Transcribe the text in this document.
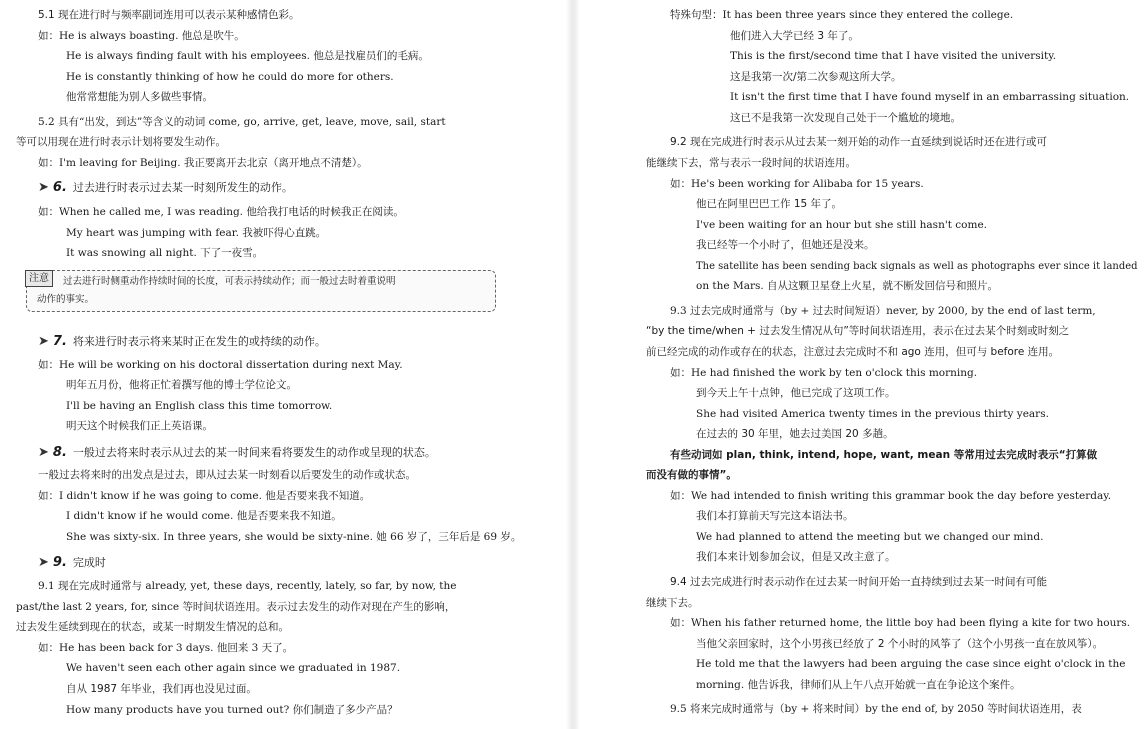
5.1 现在进行时与频率副词连用可以表示某种感情色彩。
如：He is always boasting. 他总是吹牛。
He is always finding fault with his employees. 他总是找雇员们的毛病。
He is constantly thinking of how he could do more for others.
他常常想能为别人多做些事情。
5.2 具有“出发，到达”等含义的动词 come, go, arrive, get, leave, move, sail, start
等可以用现在进行时表示计划将要发生动作。
如：I'm leaving for Beijing. 我正要离开去北京（离开地点不清楚）。
➤ 6. 过去进行时表示过去某一时刻所发生的动作。
如：When he called me, I was reading. 他给我打电话的时候我正在阅读。
My heart was jumping with fear. 我被吓得心直跳。
It was snowing all night. 下了一夜雪。
注意	过去进行时侧重动作持续时间的长度，可表示持续动作；而一般过去时着重说明
动作的事实。
➤ 7. 将来进行时表示将来某时正在发生的或持续的动作。
如：He will be working on his doctoral dissertation during next May.
明年五月份，他将正忙着撰写他的博士学位论文。
I'll be having an English class this time tomorrow.
明天这个时候我们正上英语课。
➤ 8. 一般过去将来时表示从过去的某一时间来看将要发生的动作或呈现的状态。
一般过去将来时的出发点是过去，即从过去某一时刻看以后要发生的动作或状态。
如：I didn't know if he was going to come. 他是否要来我不知道。
I didn't know if he would come. 他是否要来我不知道。
She was sixty-six. In three years, she would be sixty-nine. 她 66 岁了，三年后是 69 岁。
➤ 9. 完成时
9.1 现在完成时通常与 already, yet, these days, recently, lately, so far, by now, the
past/the last 2 years, for, since 等时间状语连用。表示过去发生的动作对现在产生的影响，
过去发生延续到现在的状态，或某一时期发生情况的总和。
如：He has been back for 3 days. 他回来 3 天了。
We haven't seen each other again since we graduated in 1987.
自从 1987 年毕业，我们再也没见过面。
How many products have you turned out? 你们制造了多少产品？
特殊句型：It has been three years since they entered the college.
他们进入大学已经 3 年了。
This is the first/second time that I have visited the university.
这是我第一次/第二次参观这所大学。
It isn't the first time that I have found myself in an embarrassing situation.
这已不是我第一次发现自己处于一个尴尬的境地。
9.2 现在完成进行时表示从过去某一刻开始的动作一直延续到说话时还在进行或可
能继续下去，常与表示一段时间的状语连用。
如：He's been working for Alibaba for 15 years.
他已在阿里巴巴工作 15 年了。
I've been waiting for an hour but she still hasn't come.
我已经等一个小时了，但她还是没来。
The satellite has been sending back signals as well as photographs ever since it landed
on the Mars. 自从这颗卫星登上火星，就不断发回信号和照片。
9.3 过去完成时通常与（by + 过去时间短语）never, by 2000, by the end of last term,
“by the time/when + 过去发生情况从句”等时间状语连用，表示在过去某个时刻或时刻之
前已经完成的动作或存在的状态，注意过去完成时不和 ago 连用，但可与 before 连用。
如：He had finished the work by ten o'clock this morning.
到今天上午十点钟，他已完成了这项工作。
She had visited America twenty times in the previous thirty years.
在过去的 30 年里，她去过美国 20 多趟。
有些动词如 plan, think, intend, hope, want, mean 等常用过去完成时表示“打算做
而没有做的事情”。
如：We had intended to finish writing this grammar book the day before yesterday.
我们本打算前天写完这本语法书。
We had planned to attend the meeting but we changed our mind.
我们本来计划参加会议，但是又改主意了。
9.4 过去完成进行时表示动作在过去某一时间开始一直持续到过去某一时间有可能
继续下去。
如：When his father returned home, the little boy had been flying a kite for two hours.
当他父亲回家时，这个小男孩已经放了 2 个小时的风筝了（这个小男孩一直在放风筝）。
He told me that the lawyers had been arguing the case since eight o'clock in the
morning. 他告诉我，律师们从上午八点开始就一直在争论这个案件。
9.5 将来完成时通常与（by + 将来时间）by the end of, by 2050 等时间状语连用，表
